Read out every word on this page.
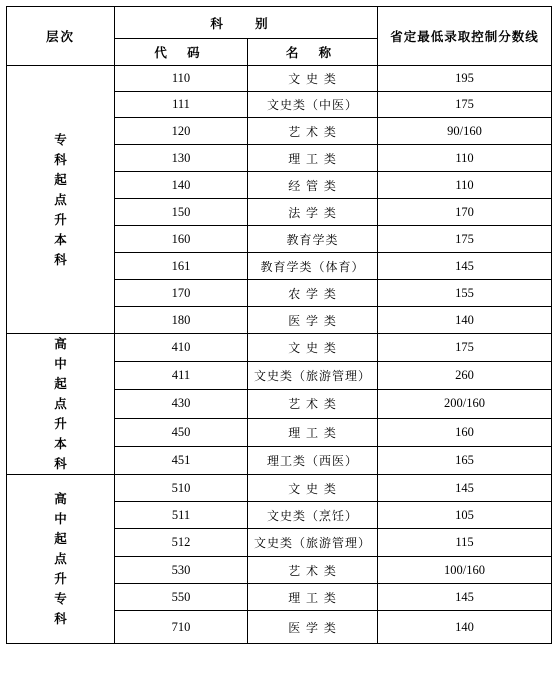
层次	科 别		省定最低录取控制分数线
	代 码	名 称	

专科起点升本科	110	文 史 类	195
	111	文史类（中医）	175
	120	艺 术 类	90/160
	130	理 工 类	110
	140	经 管 类	110
	150	法 学 类	170
	160	教育学类	175
	161	教育学类（体育）	145
	170	农 学 类	155
	180	医 学 类	140

高中起点升本科	410	文 史 类	175
	411	文史类（旅游管理）	260
	430	艺 术 类	200/160
	450	理 工 类	160
	451	理工类（西医）	165

高中起点升专科	510	文 史 类	145
	511	文史类（烹饪）	105
	512	文史类（旅游管理）	115
	530	艺 术 类	100/160
	550	理 工 类	145
	710	医 学 类	140
